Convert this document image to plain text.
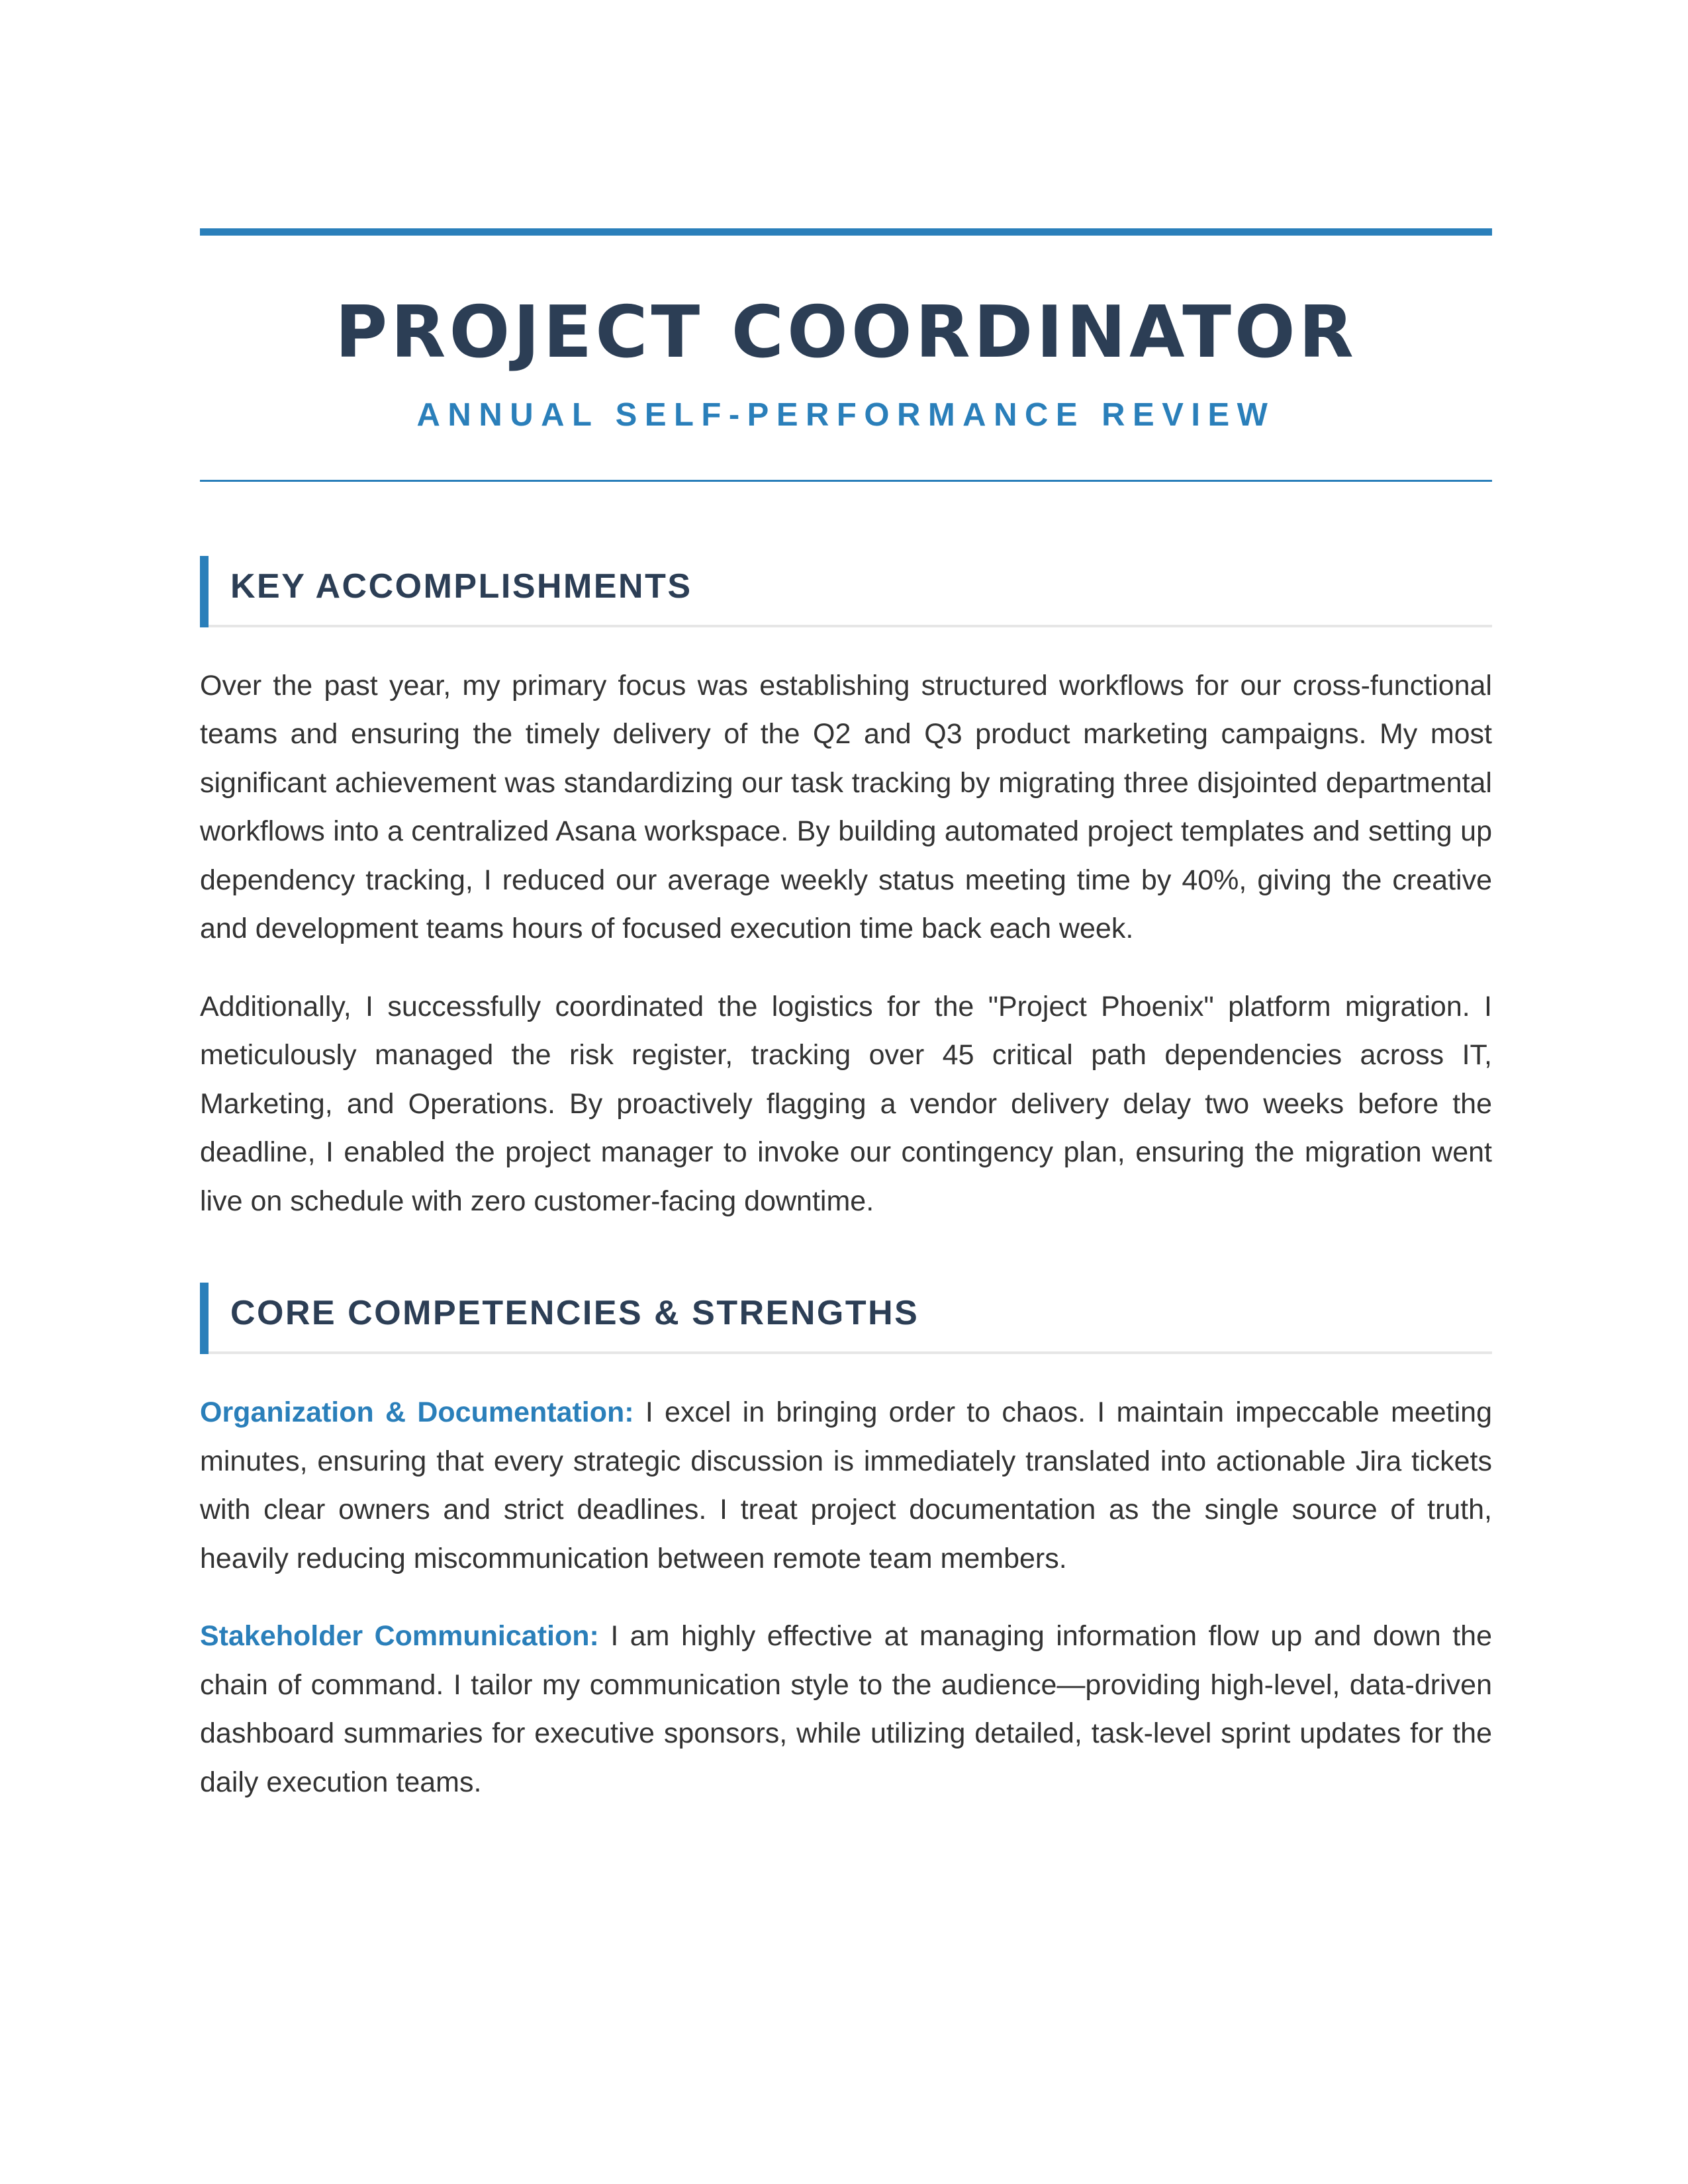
PROJECT COORDINATOR
ANNUAL SELF-PERFORMANCE REVIEW
KEY ACCOMPLISHMENTS

Over the past year, my primary focus was establishing structured workflows for our cross-functional teams and ensuring the timely delivery of the Q2 and Q3 product marketing campaigns. My most significant achievement was standardizing our task tracking by migrating three disjointed departmental workflows into a centralized Asana workspace. By building automated project templates and setting up dependency tracking, I reduced our average weekly status meeting time by 40%, giving the creative and development teams hours of focused execution time back each week.

Additionally, I successfully coordinated the logistics for the "Project Phoenix" platform migration. I meticulously managed the risk register, tracking over 45 critical path dependencies across IT, Marketing, and Operations. By proactively flagging a vendor delivery delay two weeks before the deadline, I enabled the project manager to invoke our contingency plan, ensuring the migration went live on schedule with zero customer-facing downtime.

CORE COMPETENCIES & STRENGTHS

Organization & Documentation: I excel in bringing order to chaos. I maintain impeccable meeting minutes, ensuring that every strategic discussion is immediately translated into actionable Jira tickets with clear owners and strict deadlines. I treat project documentation as the single source of truth, heavily reducing miscommunication between remote team members.

Stakeholder Communication: I am highly effective at managing information flow up and down the chain of command. I tailor my communication style to the audience—providing high-level, data-driven dashboard summaries for executive sponsors, while utilizing detailed, task-level sprint updates for the daily execution teams.
